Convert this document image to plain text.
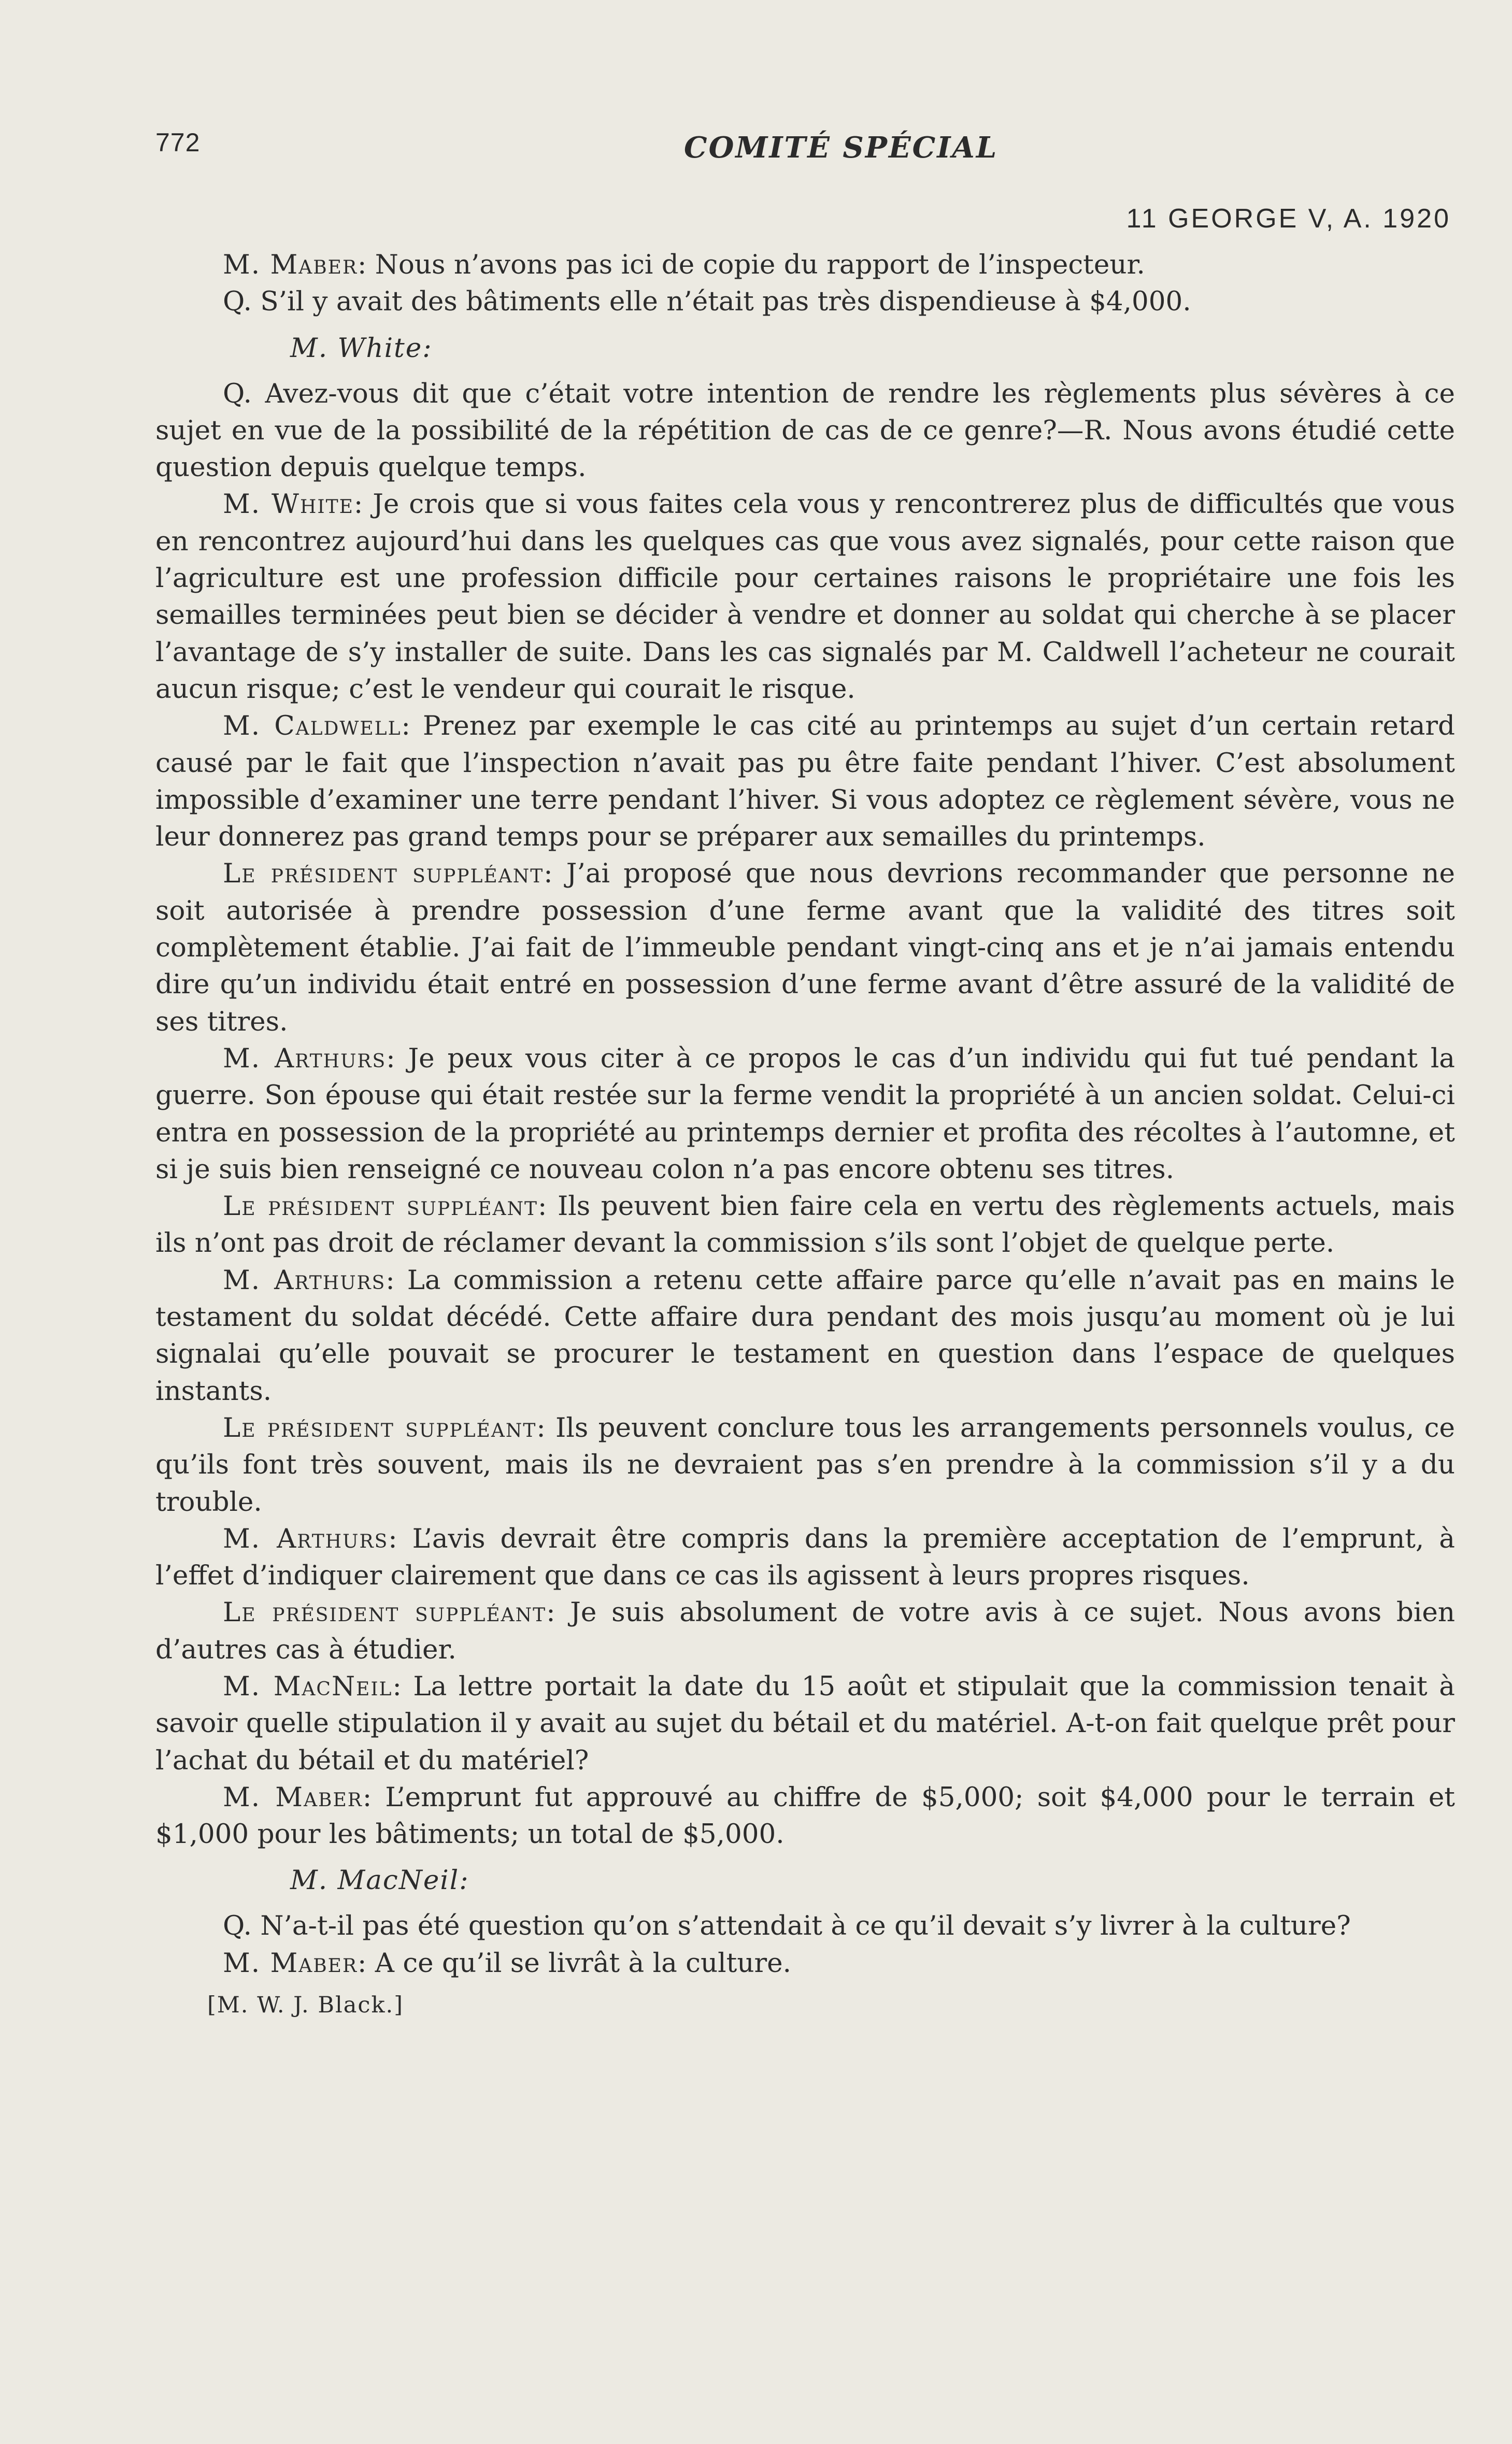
772	COMITÉ SPÉCIAL
11 GEORGE V, A. 1920

M. Maber: Nous n’avons pas ici de copie du rapport de l’inspecteur.

Q. S’il y avait des bâtiments elle n’était pas très dispendieuse à $4,000.

M. White:

Q. Avez-vous dit que c’était votre intention de rendre les règlements plus sévères à ce sujet en vue de la possibilité de la répétition de cas de ce genre?—R. Nous avons étudié cette question depuis quelque temps.

M. White: Je crois que si vous faites cela vous y rencontrerez plus de difficultés que vous en rencontrez aujourd’hui dans les quelques cas que vous avez signalés, pour cette raison que l’agriculture est une profession difficile pour certaines raisons le propriétaire une fois les semailles terminées peut bien se décider à vendre et donner au soldat qui cherche à se placer l’avantage de s’y installer de suite. Dans les cas signalés par M. Caldwell l’acheteur ne courait aucun risque; c’est le vendeur qui courait le risque.

M. Caldwell: Prenez par exemple le cas cité au printemps au sujet d’un certain retard causé par le fait que l’inspection n’avait pas pu être faite pendant l’hiver. C’est absolument impossible d’examiner une terre pendant l’hiver. Si vous adoptez ce règlement sévère, vous ne leur donnerez pas grand temps pour se préparer aux semailles du printemps.

Le président suppléant: J’ai proposé que nous devrions recommander que personne ne soit autorisée à prendre possession d’une ferme avant que la validité des titres soit complètement établie. J’ai fait de l’immeuble pendant vingt-cinq ans et je n’ai jamais entendu dire qu’un individu était entré en possession d’une ferme avant d’être assuré de la validité de ses titres.

M. Arthurs: Je peux vous citer à ce propos le cas d’un individu qui fut tué pendant la guerre. Son épouse qui était restée sur la ferme vendit la propriété à un ancien soldat. Celui-ci entra en possession de la propriété au printemps dernier et profita des récoltes à l’automne, et si je suis bien renseigné ce nouveau colon n’a pas encore obtenu ses titres.

Le président suppléant: Ils peuvent bien faire cela en vertu des règlements actuels, mais ils n’ont pas droit de réclamer devant la commission s’ils sont l’objet de quelque perte.

M. Arthurs: La commission a retenu cette affaire parce qu’elle n’avait pas en mains le testament du soldat décédé. Cette affaire dura pendant des mois jusqu’au moment où je lui signalai qu’elle pouvait se procurer le testament en question dans l’espace de quelques instants.

Le président suppléant: Ils peuvent conclure tous les arrangements personnels voulus, ce qu’ils font très souvent, mais ils ne devraient pas s’en prendre à la commission s’il y a du trouble.

M. Arthurs: L’avis devrait être compris dans la première acceptation de l’emprunt, à l’effet d’indiquer clairement que dans ce cas ils agissent à leurs propres risques.

Le président suppléant: Je suis absolument de votre avis à ce sujet. Nous avons bien d’autres cas à étudier.

M. MacNeil: La lettre portait la date du 15 août et stipulait que la commission tenait à savoir quelle stipulation il y avait au sujet du bétail et du matériel. A-t-on fait quelque prêt pour l’achat du bétail et du matériel?

M. Maber: L’emprunt fut approuvé au chiffre de $5,000; soit $4,000 pour le terrain et $1,000 pour les bâtiments; un total de $5,000.

M. MacNeil:

Q. N’a-t-il pas été question qu’on s’attendait à ce qu’il devait s’y livrer à la culture?

M. Maber: A ce qu’il se livrât à la culture.

[M. W. J. Black.]
